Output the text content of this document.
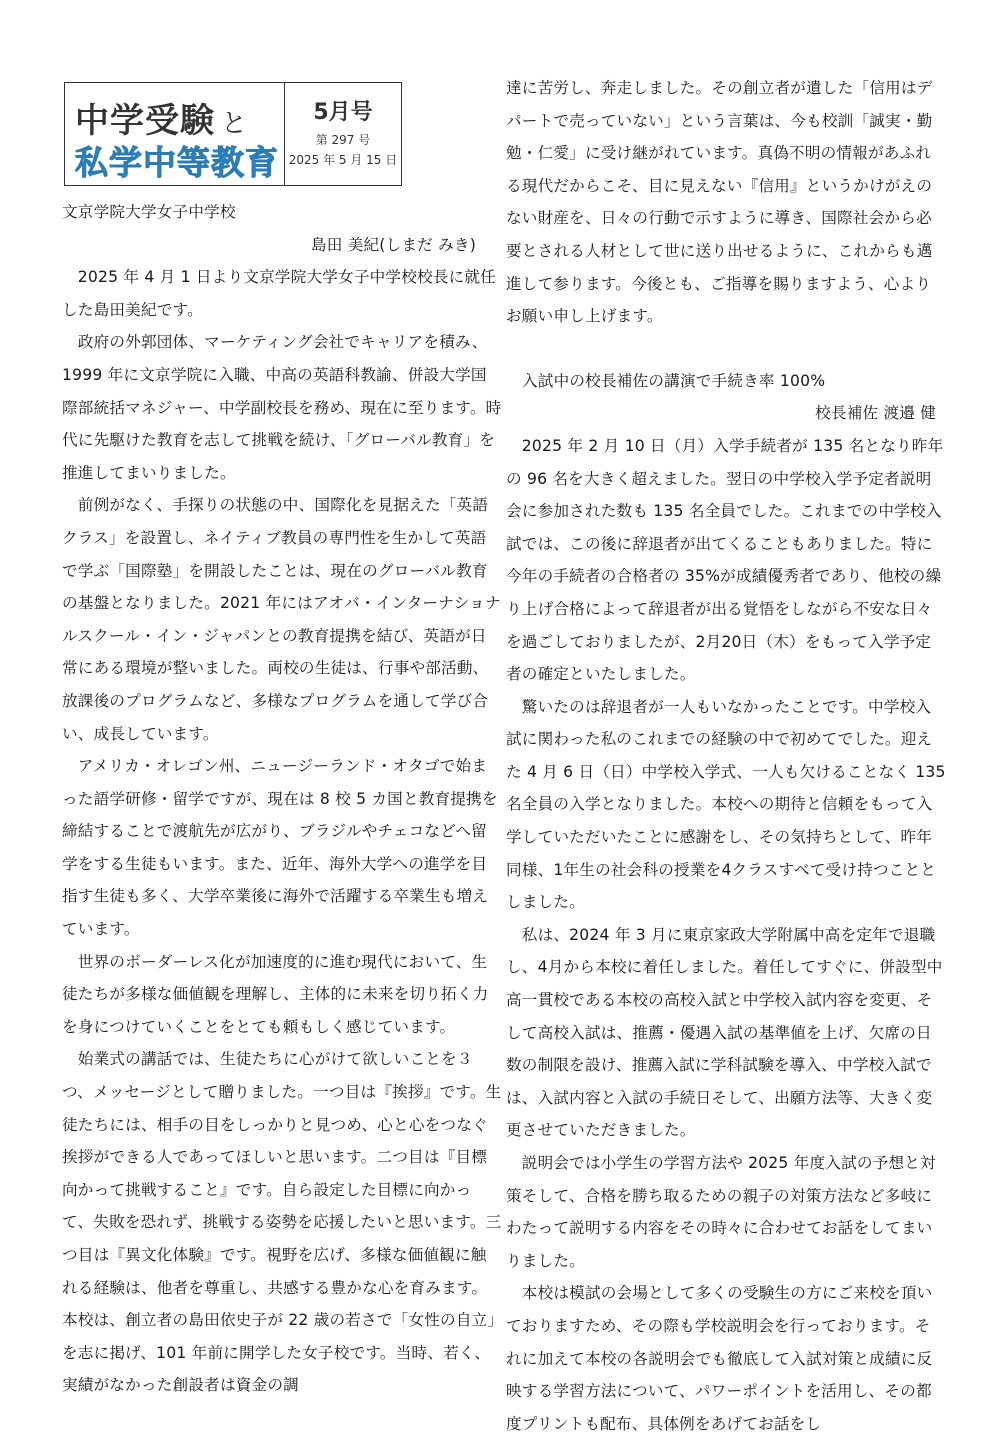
中学受験 と
私学中等教育
5月号
第 297 号
2025 年 5 月 15 日

文京学院大学女子中学校

島田 美紀(しまだ みき)

　2025 年 4 月 1 日より文京学院大学女子中学校校長に就任した島田美紀です。

　政府の外郭団体、マーケティング会社でキャリアを積み、1999 年に文京学院に入職、中高の英語科教諭、併設大学国際部統括マネジャー、中学副校長を務め、現在に至ります。時代に先駆けた教育を志して挑戦を続け、「グローバル教育」を推進してまいりました。

　前例がなく、手探りの状態の中、国際化を見据えた「英語クラス」を設置し、ネイティブ教員の専門性を生かして英語で学ぶ「国際塾」を開設したことは、現在のグローバル教育の基盤となりました。2021 年にはアオバ・インターナショナルスクール・イン・ジャパンとの教育提携を結び、英語が日常にある環境が整いました。両校の生徒は、行事や部活動、放課後のプログラムなど、多様なプログラムを通して学び合い、成長しています。

　アメリカ・オレゴン州、ニュージーランド・オタゴで始まった語学研修・留学ですが、現在は 8 校 5 カ国と教育提携を締結することで渡航先が広がり、ブラジルやチェコなどへ留学をする生徒もいます。また、近年、海外大学への進学を目指す生徒も多く、大学卒業後に海外で活躍する卒業生も増えています。

　世界のボーダーレス化が加速度的に進む現代において、生徒たちが多様な価値観を理解し、主体的に未来を切り拓く力を身につけていくことをとても頼もしく感じています。

　始業式の講話では、生徒たちに心がけて欲しいことを３つ、メッセージとして贈りました。一つ目は『挨拶』です。生徒たちには、相手の目をしっかりと見つめ、心と心をつなぐ挨拶ができる人であってほしいと思います。二つ目は『目標向かって挑戦すること』です。自ら設定した目標に向かって、失敗を恐れず、挑戦する姿勢を応援したいと思います。三つ目は『異文化体験』です。視野を広げ、多様な価値観に触れる経験は、他者を尊重し、共感する豊かな心を育みます。

本校は、創立者の島田依史子が 22 歳の若さで「女性の自立」を志に掲げ、101 年前に開学した女子校です。当時、若く、実績がなかった創設者は資金の調

達に苦労し、奔走しました。その創立者が遺した「信用はデパートで売っていない」という言葉は、今も校訓「誠実・勤勉・仁愛」に受け継がれています。真偽不明の情報があふれる現代だからこそ、目に見えない『信用』というかけがえのない財産を、日々の行動で示すように導き、国際社会から必要とされる人材として世に送り出せるように、これからも邁進して参ります。今後とも、ご指導を賜りますよう、心よりお願い申し上げます。

入試中の校長補佐の講演で手続き率 100%

校長補佐 渡邉 健

　2025 年 2 月 10 日（月）入学手続者が 135 名となり昨年の 96 名を大きく超えました。翌日の中学校入学予定者説明会に参加された数も 135 名全員でした。これまでの中学校入試では、この後に辞退者が出てくることもありました。特に今年の手続者の合格者の 35%が成績優秀者であり、他校の繰り上げ合格によって辞退者が出る覚悟をしながら不安な日々を過ごしておりましたが、2月20日（木）をもって入学予定者の確定といたしました。

　驚いたのは辞退者が一人もいなかったことです。中学校入試に関わった私のこれまでの経験の中で初めてでした。迎えた 4 月 6 日（日）中学校入学式、一人も欠けることなく 135 名全員の入学となりました。本校への期待と信頼をもって入学していただいたことに感謝をし、その気持ちとして、昨年同様、1年生の社会科の授業を4クラスすべて受け持つこととしました。

　私は、2024 年 3 月に東京家政大学附属中高を定年で退職し、4月から本校に着任しました。着任してすぐに、併設型中高一貫校である本校の高校入試と中学校入試内容を変更、そして高校入試は、推薦・優遇入試の基準値を上げ、欠席の日数の制限を設け、推薦入試に学科試験を導入、中学校入試では、入試内容と入試の手続日そして、出願方法等、大きく変更させていただきました。

　説明会では小学生の学習方法や 2025 年度入試の予想と対策そして、合格を勝ち取るための親子の対策方法など多岐にわたって説明する内容をその時々に合わせてお話をしてまいりました。

　本校は模試の会場として多くの受験生の方にご来校を頂いておりますため、その際も学校説明会を行っております。それに加えて本校の各説明会でも徹底して入試対策と成績に反映する学習方法について、パワーポイントを活用し、その都度プリントも配布、具体例をあげてお話をし
